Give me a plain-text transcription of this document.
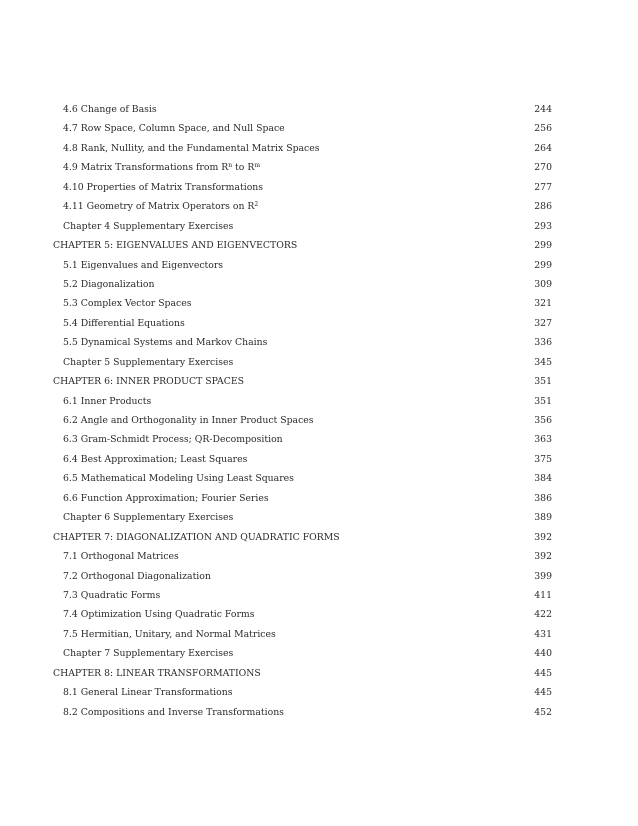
4.6 Change of Basis	244
4.7 Row Space, Column Space, and Null Space	256
4.8 Rank, Nullity, and the Fundamental Matrix Spaces	264
4.9 Matrix Transformations from $R^n$ to $R^m$	270
4.10 Properties of Matrix Transformations	277
4.11 Geometry of Matrix Operators on $R^2$	286
Chapter 4 Supplementary Exercises	293
CHAPTER 5: EIGENVALUES AND EIGENVECTORS	299
5.1 Eigenvalues and Eigenvectors	299
5.2 Diagonalization	309
5.3 Complex Vector Spaces	321
5.4 Differential Equations	327
5.5 Dynamical Systems and Markov Chains	336
Chapter 5 Supplementary Exercises	345
CHAPTER 6: INNER PRODUCT SPACES	351
6.1 Inner Products	351
6.2 Angle and Orthogonality in Inner Product Spaces	356
6.3 Gram-Schmidt Process; QR-Decomposition	363
6.4 Best Approximation; Least Squares	375
6.5 Mathematical Modeling Using Least Squares	384
6.6 Function Approximation; Fourier Series	386
Chapter 6 Supplementary Exercises	389
CHAPTER 7: DIAGONALIZATION AND QUADRATIC FORMS	392
7.1 Orthogonal Matrices	392
7.2 Orthogonal Diagonalization	399
7.3 Quadratic Forms	411
7.4 Optimization Using Quadratic Forms	422
7.5 Hermitian, Unitary, and Normal Matrices	431
Chapter 7 Supplementary Exercises	440
CHAPTER 8: LINEAR TRANSFORMATIONS	445
8.1 General Linear Transformations	445
8.2 Compositions and Inverse Transformations	452
